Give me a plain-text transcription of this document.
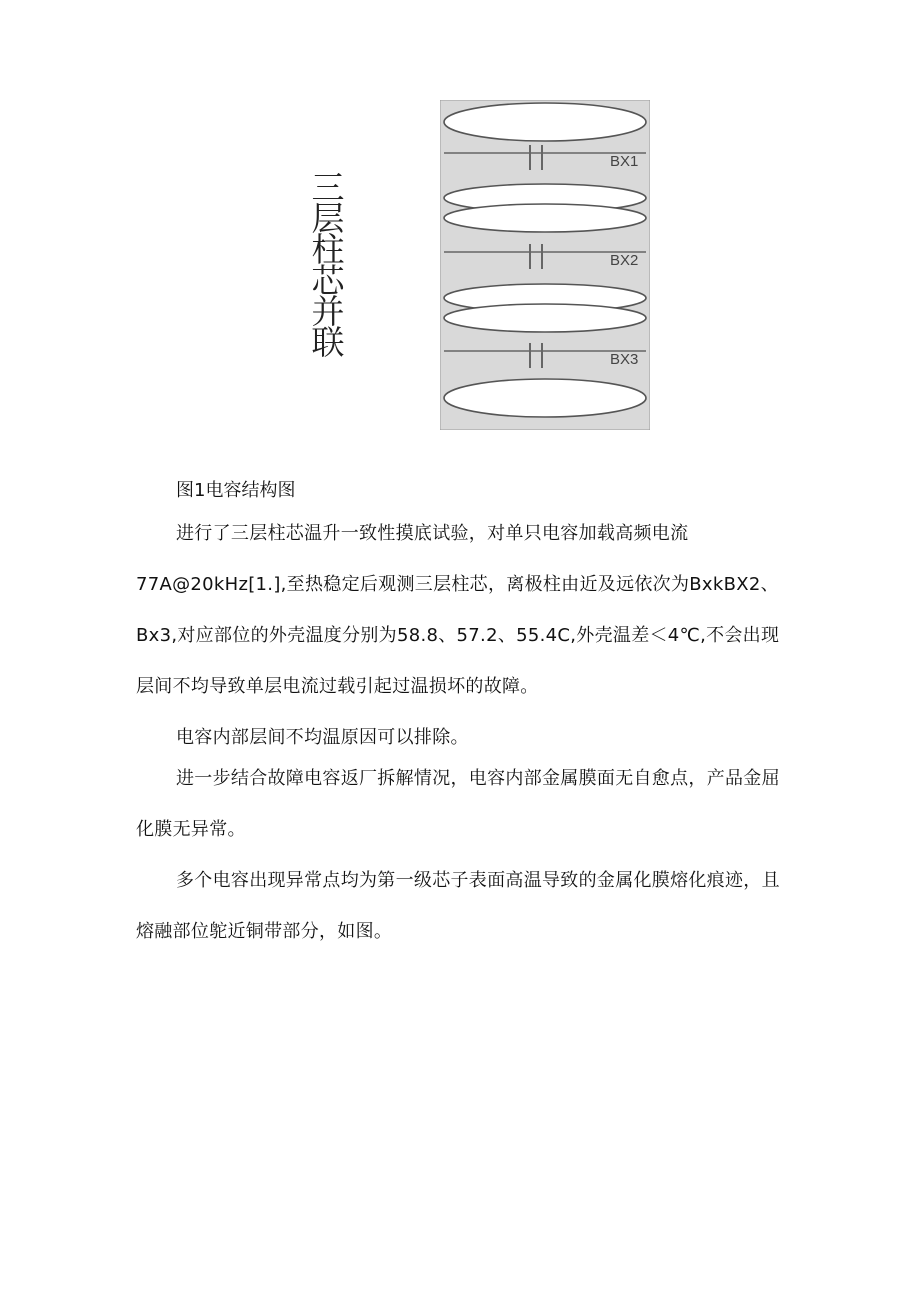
三
层
柱
芯
并
联
BX1
BX2
BX3
图1电容结构图

进行了三层柱芯温升一致性摸底试验，对单只电容加载高频电流77A@20kHz[1.],至热稳定后观测三层柱芯，离极柱由近及远依次为BxkBX2、Bx3,对应部位的外壳温度分别为58.8、57.2、55.4C,外壳温差＜4℃,不会出现层间不均导致单层电流过载引起过温损坏的故障。

电容内部层间不均温原因可以排除。

进一步结合故障电容返厂拆解情况，电容内部金属膜面无自愈点，产品金屈化膜无异常。

多个电容出现异常点均为第一级芯子表面高温导致的金属化膜熔化痕迹，且熔融部位鸵近铜带部分，如图。
